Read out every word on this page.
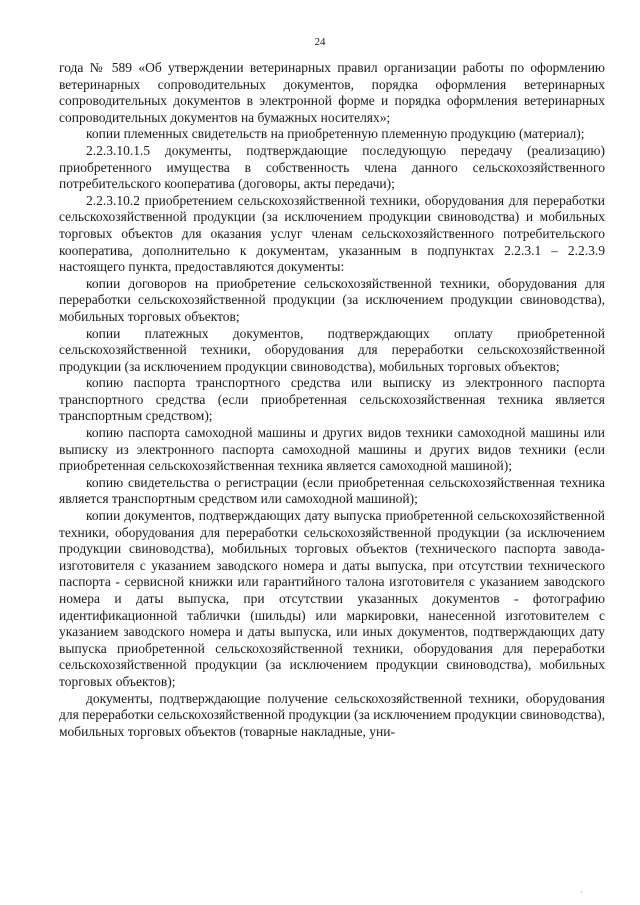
24

года № 589 «Об утверждении ветеринарных правил организации работы по оформлению ветеринарных сопроводительных документов, порядка оформления ветеринарных сопроводительных документов в электронной форме и порядка оформления ветеринарных сопроводительных документов на бумажных носителях»;

копии племенных свидетельств на приобретенную племенную продукцию (материал);

2.2.3.10.1.5 документы, подтверждающие последующую передачу (реализацию) приобретенного имущества в собственность члена данного сельскохозяйственного потребительского кооператива (договоры, акты передачи);

2.2.3.10.2 приобретением сельскохозяйственной техники, оборудования для переработки сельскохозяйственной продукции (за исключением продукции свиноводства) и мобильных торговых объектов для оказания услуг членам сельскохозяйственного потребительского кооператива, дополнительно к документам, указанным в подпунктах 2.2.3.1 – 2.2.3.9 настоящего пункта, предоставляются документы:

копии договоров на приобретение сельскохозяйственной техники, оборудования для переработки сельскохозяйственной продукции (за исключением продукции свиноводства), мобильных торговых объектов;

копии платежных документов, подтверждающих оплату приобретенной сельскохозяйственной техники, оборудования для переработки сельскохозяйственной продукции (за исключением продукции свиноводства), мобильных торговых объектов;

копию паспорта транспортного средства или выписку из электронного паспорта транспортного средства (если приобретенная сельскохозяйственная техника является транспортным средством);

копию паспорта самоходной машины и других видов техники самоходной машины или выписку из электронного паспорта самоходной машины и других видов техники (если приобретенная сельскохозяйственная техника является самоходной машиной);

копию свидетельства о регистрации (если приобретенная сельскохозяйственная техника является транспортным средством или самоходной машиной);

копии документов, подтверждающих дату выпуска приобретенной сельскохозяйственной техники, оборудования для переработки сельскохозяйственной продукции (за исключением продукции свиноводства), мобильных торговых объектов (технического паспорта завода-изготовителя с указанием заводского номера и даты выпуска, при отсутствии технического паспорта - сервисной книжки или гарантийного талона изготовителя с указанием заводского номера и даты выпуска, при отсутствии указанных документов - фотографию идентификационной таблички (шильды) или маркировки, нанесенной изготовителем с указанием заводского номера и даты выпуска, или иных документов, подтверждающих дату выпуска приобретенной сельскохозяйственной техники, оборудования для переработки сельскохозяйственной продукции (за исключением продукции свиноводства), мобильных торговых объектов);

документы, подтверждающие получение сельскохозяйственной техники, оборудования для переработки сельскохозяйственной продукции (за исключением продукции свиноводства), мобильных торговых объектов (товарные накладные, уни-

·
